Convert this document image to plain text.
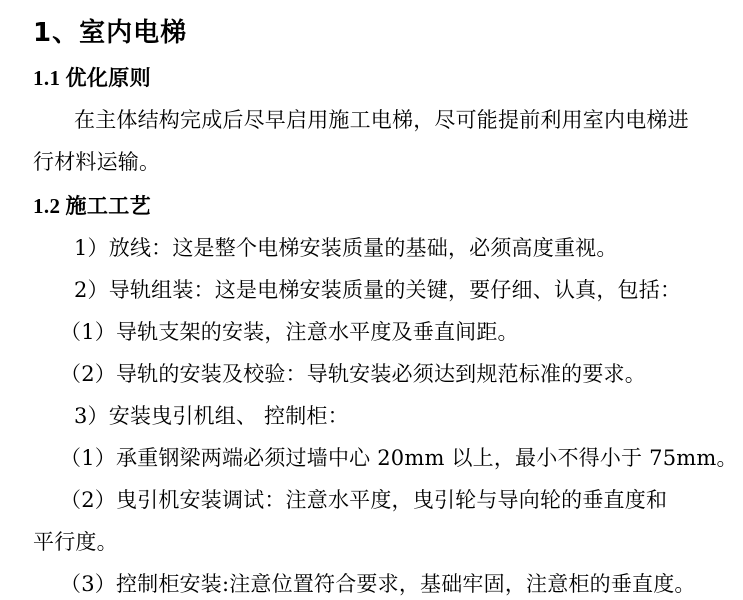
1、室内电梯
1.1 优化原则
在主体结构完成后尽早启用施工电梯，尽可能提前利用室内电梯进
行材料运输。
1.2 施工工艺
1）放线：这是整个电梯安装质量的基础，必须高度重视。
2）导轨组装：这是电梯安装质量的关键，要仔细、认真，包括：
（1）导轨支架的安装，注意水平度及垂直间距。
（2）导轨的安装及校验：导轨安装必须达到规范标准的要求。
3）安装曳引机组、 控制柜：
（1）承重钢梁两端必须过墙中心 20mm 以上，最小不得小于 75mm。
（2）曳引机安装调试：注意水平度，曳引轮与导向轮的垂直度和
平行度。
（3）控制柜安装:注意位置符合要求，基础牢固，注意柜的垂直度。
